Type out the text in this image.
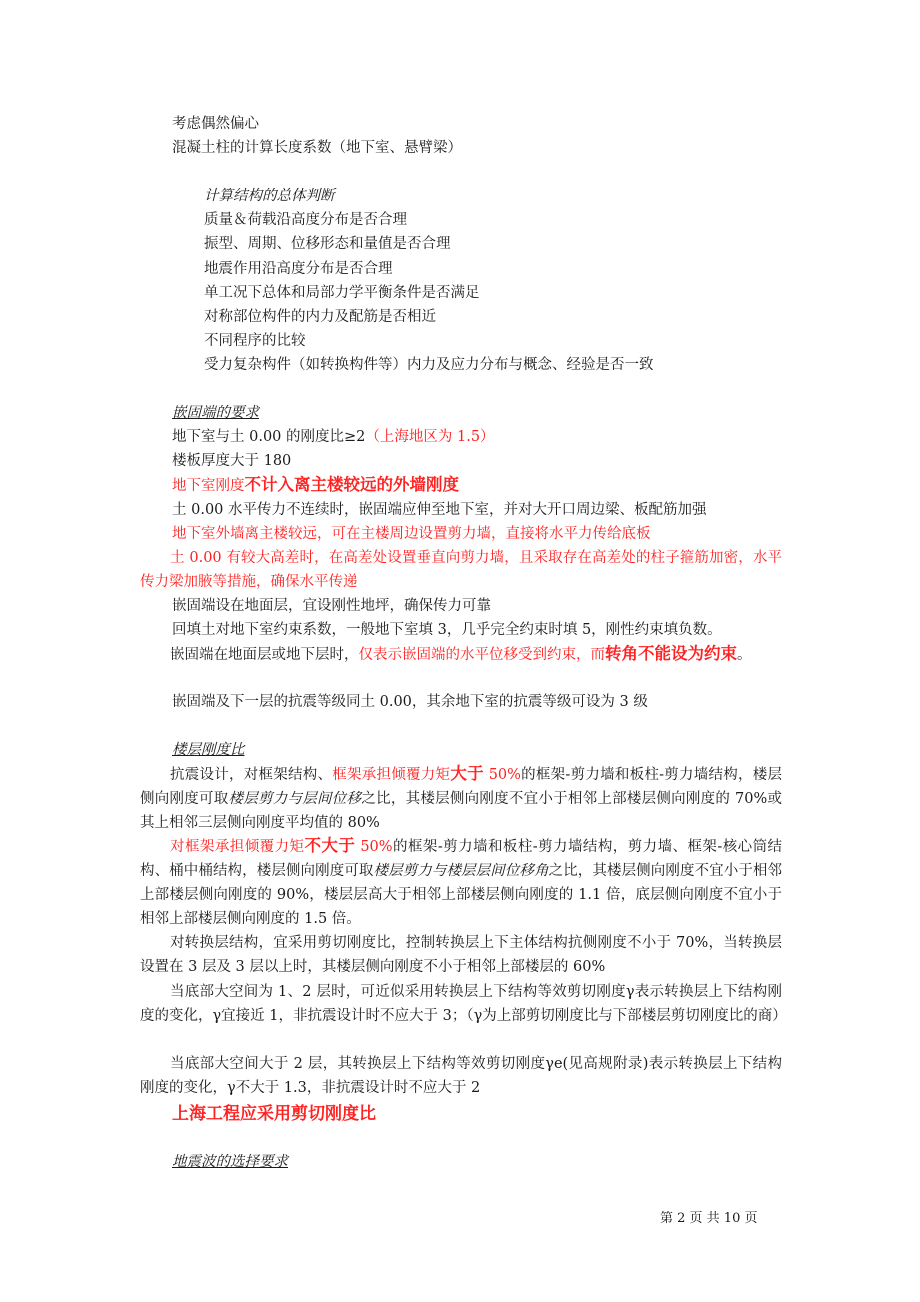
考虑偶然偏心
混凝土柱的计算长度系数（地下室、悬臂梁）
计算结构的总体判断
质量＆荷载沿高度分布是否合理
振型、周期、位移形态和量值是否合理
地震作用沿高度分布是否合理
单工况下总体和局部力学平衡条件是否满足
对称部位构件的内力及配筋是否相近
不同程序的比较
受力复杂构件（如转换构件等）内力及应力分布与概念、经验是否一致
嵌固端的要求
地下室与土 0.00 的刚度比≥2（上海地区为 1.5）
楼板厚度大于 180
地下室刚度不计入离主楼较远的外墙刚度
土 0.00 水平传力不连续时，嵌固端应伸至地下室，并对大开口周边梁、板配筋加强
地下室外墙离主楼较远，可在主楼周边设置剪力墙，直接将水平力传给底板
土 0.00 有较大高差时，在高差处设置垂直向剪力墙，且采取存在高差处的柱子箍筋加密，水平传力梁加腋等措施，确保水平传递
嵌固端设在地面层，宜设刚性地坪，确保传力可靠
回填土对地下室约束系数，一般地下室填 3，几乎完全约束时填 5，刚性约束填负数。
嵌固端在地面层或地下层时，仅表示嵌固端的水平位移受到约束，而转角不能设为约束。
嵌固端及下一层的抗震等级同土 0.00，其余地下室的抗震等级可设为 3 级
楼层刚度比
抗震设计，对框架结构、框架承担倾覆力矩大于 50%的框架-剪力墙和板柱-剪力墙结构，楼层侧向刚度可取楼层剪力与层间位移之比，其楼层侧向刚度不宜小于相邻上部楼层侧向刚度的 70%或其上相邻三层侧向刚度平均值的 80%
对框架承担倾覆力矩不大于 50%的框架-剪力墙和板柱-剪力墙结构，剪力墙、框架-核心筒结构、桶中桶结构，楼层侧向刚度可取楼层剪力与楼层层间位移角之比，其楼层侧向刚度不宜小于相邻上部楼层侧向刚度的 90%，楼层层高大于相邻上部楼层侧向刚度的 1.1 倍，底层侧向刚度不宜小于相邻上部楼层侧向刚度的 1.5 倍。
对转换层结构，宜采用剪切刚度比，控制转换层上下主体结构抗侧刚度不小于 70%，当转换层设置在 3 层及 3 层以上时，其楼层侧向刚度不小于相邻上部楼层的 60%
当底部大空间为 1、2 层时，可近似采用转换层上下结构等效剪切刚度γ表示转换层上下结构刚度的变化，γ宜接近 1，非抗震设计时不应大于 3；（γ为上部剪切刚度比与下部楼层剪切刚度比的商）
当底部大空间大于 2 层，其转换层上下结构等效剪切刚度γe(见高规附录)表示转换层上下结构刚度的变化，γ不大于 1.3，非抗震设计时不应大于 2
上海工程应采用剪切刚度比
地震波的选择要求
第 2 页 共 10 页
